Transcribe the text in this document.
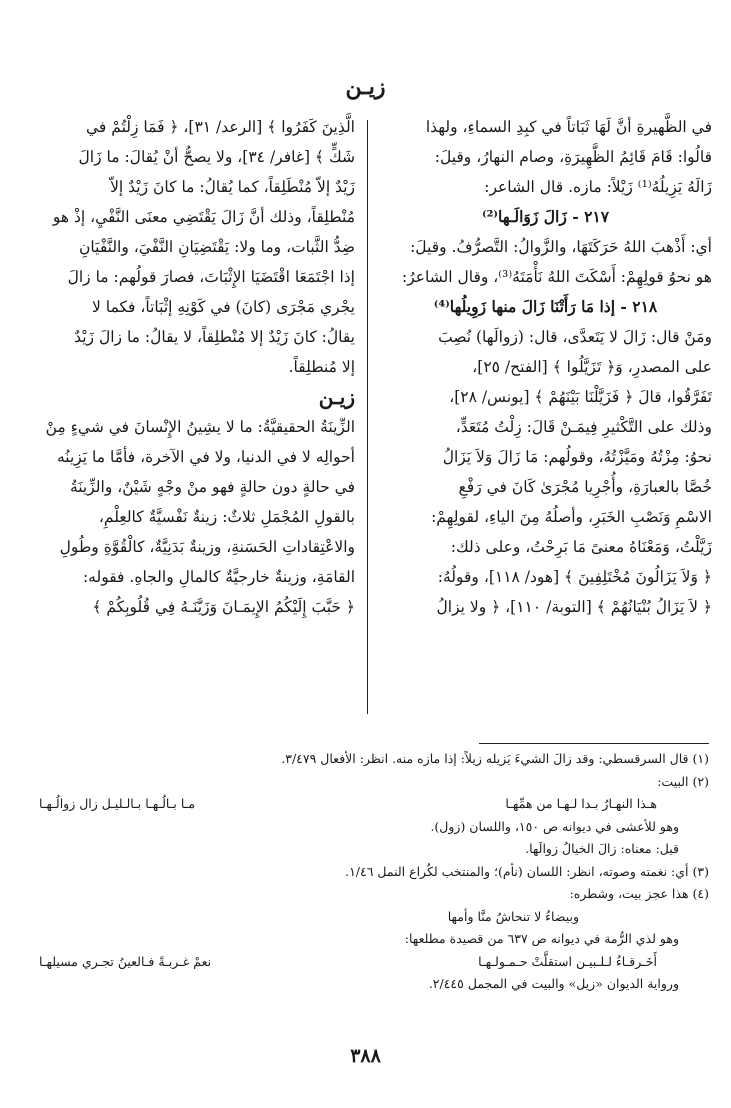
زيـن

في الظَّهيرةِ أنَّ لَهَا ثَبَاتاً في كبِدِ السماءِ، ولهذا

قالُوا: قَامَ قَائِمُ الظَّهِيرَةِ، وصام النهارُ، وقيلَ:

زَالَهُ يَزِيلُهُ⁽¹⁾ زَيْلاً: مازه. قال الشاعر:

٢١٧ - زَالَ زَوَالَـها⁽²⁾

أي: أَذْهبَ اللهُ حَرَكَتَهَا، والزَّوالُ: التَّصرُّفُ. وقيلَ:

هو نحوُ قولِهِمْ: أَسْكَتَ اللهُ نَأْمَتَهُ⁽³⁾، وقال الشاعرُ:

٢١٨ - إذا مَا رَأَتْنَا زَالَ منها زَوِيلُها⁽⁴⁾

ومَنْ قال: زَالَ لا يَتَعدَّى، قال: (زوالَها) نُصِبَ

على المصدرِ، وَ﴿ تَزَيَّلُوا ﴾ [الفتح/ ٢٥]،

تَفَرَّقُوا، قالَ ﴿ فَزَيَّلْنَا بَيْنَهُمْ ﴾ [يونس/ ٢٨]،

وذلك على التَّكْثيرِ فِيمَـنْ قَالَ: زِلْتُ مُتَعَدٍّ،

نحوُ: مِزْتُهُ ومَيَّزْتُهُ، وقولُهم: مَا زَالَ وَلاَ يَزَالُ

خُصَّا بالعبارَةِ، وأُجْرِيا مُجْرَىٰ كَانَ في رَفْعِ

الاسْمِ وَنَصْبِ الخَبَرِ، وأصلُهُ مِنَ الياءِ، لقولِهِمْ:

زَيَّلْتُ، وَمَعْنَاهُ معنىً مَا بَرِحْتُ، وعلى ذلك:

﴿ وَلاَ يَزَالُونَ مُخْتَلِفِينَ ﴾ [هود/ ١١٨]، وقولُهُ:

﴿ لاَ يَزَالُ بُنْيَانُهُمْ ﴾ [التوبة/ ١١٠]، ﴿ ولا يزالُ

الَّذِينَ كَفَرُوا ﴾ [الرعد/ ٣١]، ﴿ فَمَا زِلْتُمْ في

شَكٍّ ﴾ [غافر/ ٣٤]، ولا يصحُّ أنْ يُقالَ: ما زَالَ

زَيْدٌ إلاّ مُنْطَلِقاً، كما يُقالُ: ما كانَ زَيْدٌ إلاّ

مُنْطلِقاً، وذلك أنَّ زَالَ يَقْتَضِي معنَى النَّفْيِ، إذْ هو

ضِدُّ الثَّبات، وما ولا: يَقْتَضِيَانِ النَّفْيَ، والنَّفْيَانِ

إذا اجْتَمَعَا اقْتَضَيَا الإِثْبَاتَ، فصارَ قولُهم: ما زالَ

يجْري مَجْرَى (كانَ) في كَوْنِهِ إثْبَاتاً، فكما لا

يقالُ: كانَ زَيْدٌ إلا مُنْطلِقاً، لا يقالُ: ما زالَ زَيْدٌ

إلا مُنطلِقاً.

زيـن

الزِّينَةُ الحقيقيَّةُ: ما لا يشِينُ الإِنْسانَ في شيءٍ مِنْ

أحوالِه لا في الدنيا، ولا في الآخرة، فأمَّا ما يَزِينُه

في حالةٍ دون حالةٍ فهو منْ وجْهٍ شَيْنٌ، والزِّينَةُ

بالقولِ المُجْمَلِ ثلاثٌ: زينةٌ نَفْسيَّةٌ كالعِلْمِ،

والاعْتِقاداتِ الحَسَنةِ، وزينةٌ بَدَنِيَّةٌ، كالْقُوَّةِ وطُولِ

القامَةِ، وزينةٌ خارجيَّةٌ كالمالِ والجاهِ. فقوله:

﴿ حَبَّبَ إِلَيْكُمُ الإِيمَـانَ وَزَيَّنَـهُ فِي قُلُوبِكُمْ ﴾

(١) قال السرقسطي: وقد زالَ الشيءَ يَزيله زيلاً: إذا مازه منه. انظر: الأفعال ٣/٤٧٩.

(٢) البيت:

هـذا النهـارُ بـدا لـهـا من همِّهـا
مـا بـالُـهـا بـالـليـل زال زوالُـهـا

وهو للأعشى في ديوانه ص ١٥٠، واللسان (زول).

قيل: معناه: زالَ الخيالُ زوالَها.

(٣) أي: نغمته وصوته، انظر: اللسان (نأم)؛ والمنتخب لكُراع النمل ١/٤٦.

(٤) هذا عجز بيت، وشطره:

وبيضاءُ لا تنحاشُ منَّا وأمها

وهو لذي الرُّمة في ديوانه ص ٦٣٧ من قصيدة مطلعها:

أَخَـرقـاءُ لـلـبيـن استقلَّتْ حـمـولـهـا
نعمْ غـربـةً فـالعينُ تجـري مسيلهـا

ورواية الديوان «زيل» والبيت في المجمل ٢/٤٤٥.

٣٨٨
